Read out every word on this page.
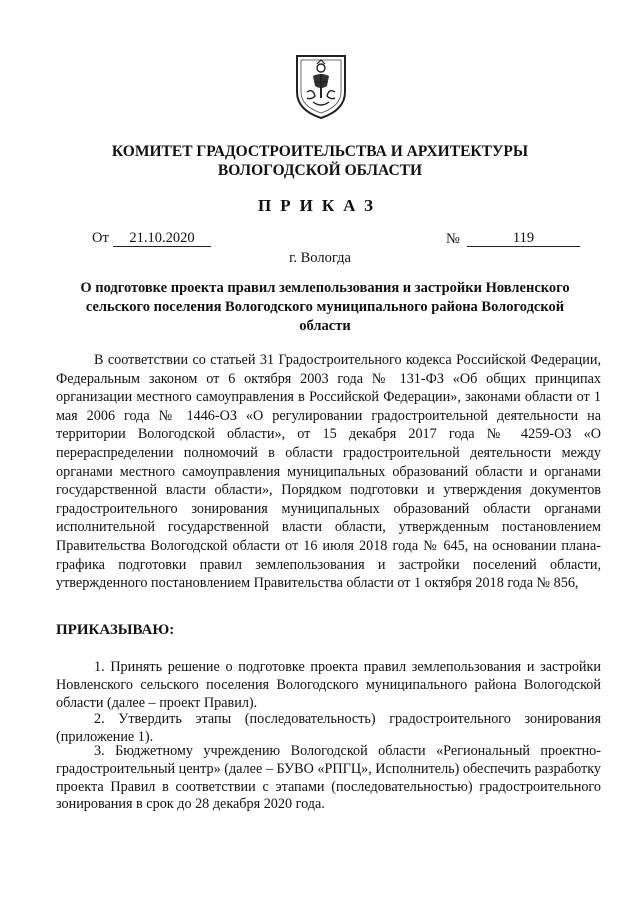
КОМИТЕТ ГРАДОСТРОИТЕЛЬСТВА И АРХИТЕКТУРЫ
ВОЛОГОДСКОЙ ОБЛАСТИ
ПРИКАЗ
От	21.10.2020	№	119
г. Вологда
О подготовке проекта правил землепользования и застройки Новленского сельского поселения Вологодского муниципального района Вологодской области

В соответствии со статьей 31 Градостроительного кодекса Российской Федерации, Федеральным законом от 6 октября 2003 года № 131-ФЗ «Об общих принципах организации местного самоуправления в Российской Федерации», законами области от 1 мая 2006 года № 1446-ОЗ «О регулировании градостроительной деятельности на территории Вологодской области», от 15 декабря 2017 года № 4259-ОЗ «О перераспределении полномочий в области градостроительной деятельности между органами местного самоуправления муниципальных образований области и органами государственной власти области», Порядком подготовки и утверждения документов градостроительного зонирования муниципальных образований области органами исполнительной государственной власти области, утвержденным постановлением Правительства Вологодской области от 16 июля 2018 года № 645, на основании плана-графика подготовки правил землепользования и застройки поселений области, утвержденного постановлением Правительства области от 1 октября 2018 года № 856,

ПРИКАЗЫВАЮ:

1. Принять решение о подготовке проекта правил землепользования и застройки Новленского сельского поселения Вологодского муниципального района Вологодской области (далее – проект Правил).

2. Утвердить этапы (последовательность) градостроительного зонирования (приложение 1).

3. Бюджетному учреждению Вологодской области «Региональный проектно-градостроительный центр» (далее – БУВО «РПГЦ», Исполнитель) обеспечить разработку проекта Правил в соответствии с этапами (последовательностью) градостроительного зонирования в срок до 28 декабря 2020 года.
